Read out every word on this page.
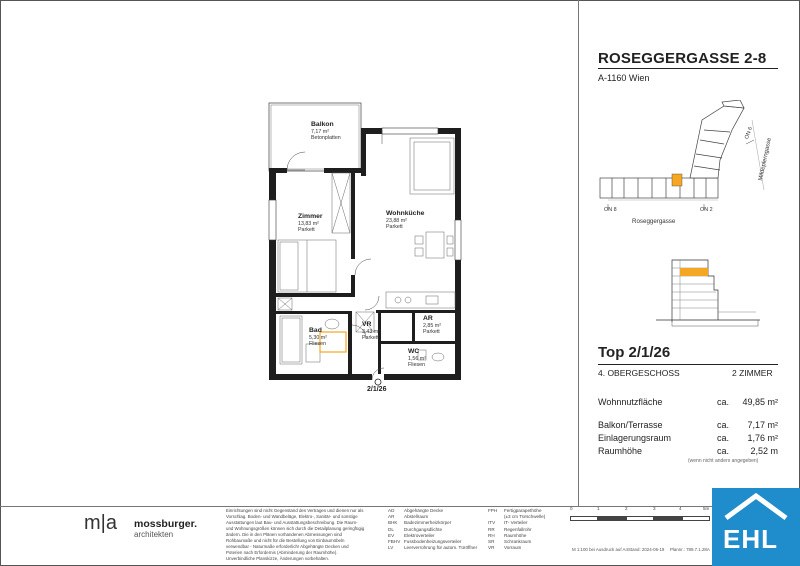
ROSEGGERGASSE 2-8
A-1160 Wien
ON 8	ON 2
ON 6
Roseggergasse
Mildeplerngasse
Top 2/1/26
4. OBERGESCHOSS	2 ZIMMER
Wohnnutzfläche	ca. 49,85 m²
Balkon/Terrasse	ca. 7,17 m²
Einlagerungsraum	ca. 1,76 m²
Raumhöhe	ca. 2,52 m
(wenn nicht anders angegeben)
Balkon
7,17 m²
Betonplatten
Zimmer
13,83 m²
Parkett
Wohnküche
23,88 m²
Parkett
Bad
5,30 m²
Fliesen
VR
3,43 m²
Parkett
AR
2,85 m²
Parkett
WC
1,56 m²
Fliesen
2/1/26
m|a mossburger.
architekten
Einrichtungen sind nicht Gegenstand des Vertrages und dienen nur als Vorschlag. Boden- und Wandbeläge, Elektro-, Sanitär- und sonstige Ausstattungen laut Bau- und Ausstattungsbeschreibung. Die Raum- und Wohnungsgrößen können sich durch die Detailplanung geringfügig ändern. Die in den Plänen vorhandenen Abmessungen sind Rohbaumaße und nicht für die Bestellung von Einbaumöbeln verwendbar - Naturmaße erforderlich! Abgehängte Decken und Poterien nach Erfordernis (Abminderung der Raumhöhe). Unverbindliche Planskizze, Änderungen vorbehalten.
AD Abgehängte Decke
AR Abstellraum
BHK Badezimmerheizkörper
DL Durchgangsdlichte
EV Elektroverteiler
FBHV Fussbodenheizungsverteiler
LV Leerverrohrung für autom. Türöffner
FPH Fertigparapethöhe
(±3 cm Türschwelle)
ITV IT- Verteiler
RR Regenfallrohr
RH Raumhöhe
SR Schrankraum
VR Vorraum
0	1	2	3	4	5m
M 1:100 bei Ausdruck auf A4 Stand: 2024-06-19 Plannr.: 789.7.1.28A EHL
